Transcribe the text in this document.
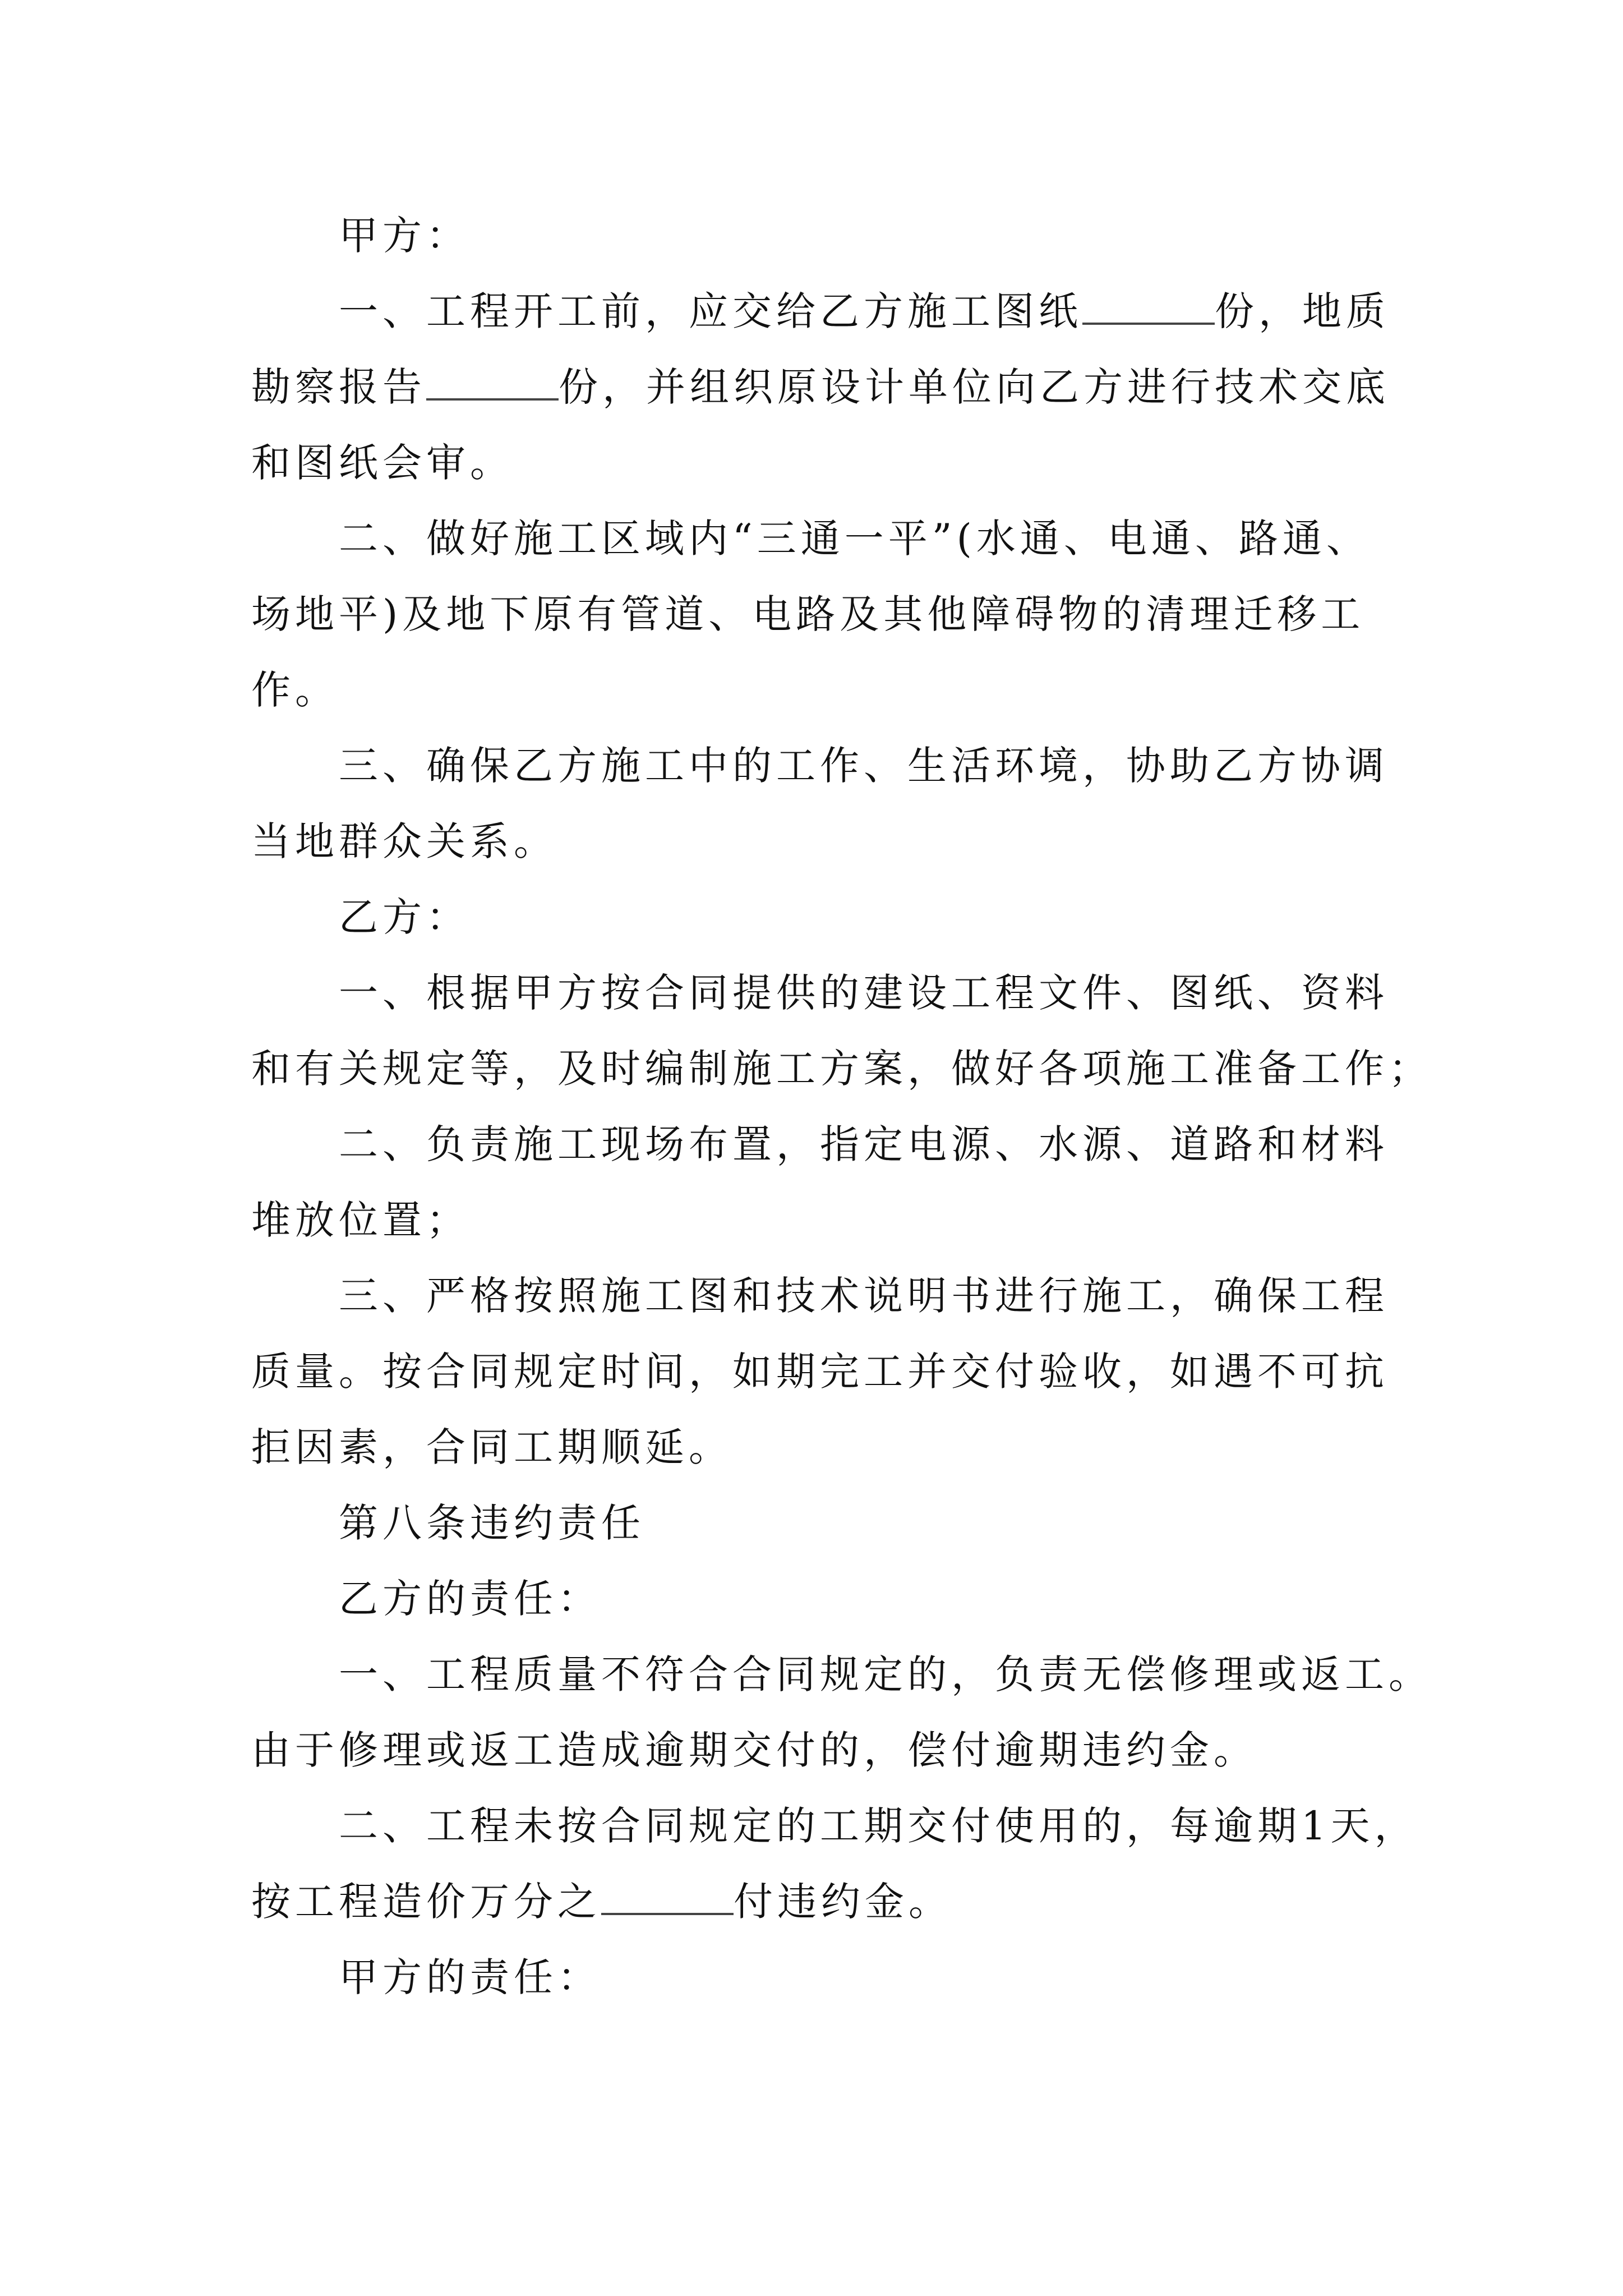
甲方：
一、工程开工前，应交给乙方施工图纸	份，地质
勘察报告	份，并组织原设计单位向乙方进行技术交底
和图纸会审。
二、做好施工区域内“三通一平”(水通、电通、路通、
场地平)及地下原有管道、电路及其他障碍物的清理迁移工
作。
三、确保乙方施工中的工作、生活环境，协助乙方协调
当地群众关系。
乙方：
一、根据甲方按合同提供的建设工程文件、图纸、资料
和有关规定等，及时编制施工方案，做好各项施工准备工作；
二、负责施工现场布置，指定电源、水源、道路和材料
堆放位置；
三、严格按照施工图和技术说明书进行施工，确保工程
质量。按合同规定时间，如期完工并交付验收，如遇不可抗
拒因素，合同工期顺延。
第八条违约责任
乙方的责任：
一、工程质量不符合合同规定的，负责无偿修理或返工。
由于修理或返工造成逾期交付的，偿付逾期违约金。
二、工程未按合同规定的工期交付使用的，每逾期1天，
按工程造价万分之	付违约金。
甲方的责任：
